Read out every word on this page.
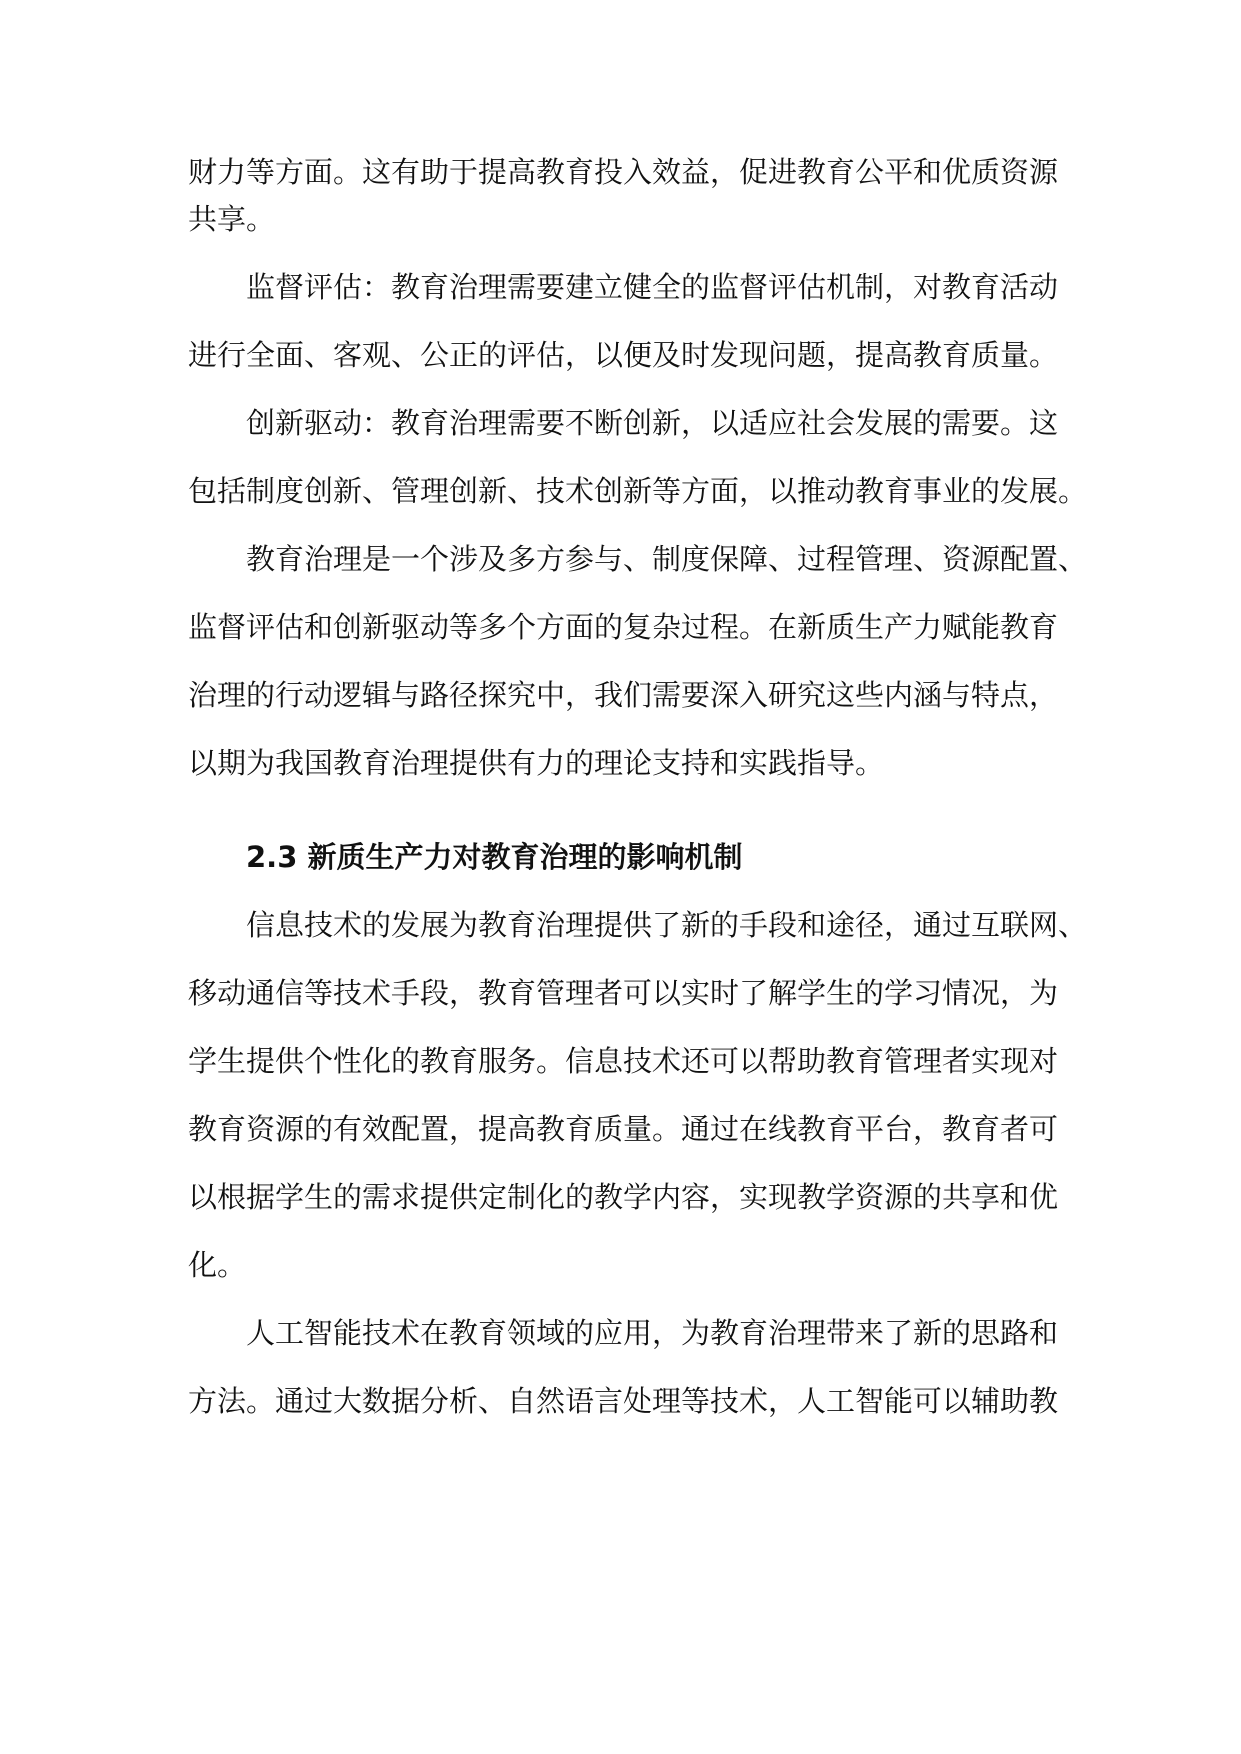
财力等方面。这有助于提高教育投入效益，促进教育公平和优质资源

共享。

监督评估：教育治理需要建立健全的监督评估机制，对教育活动

进行全面、客观、公正的评估，以便及时发现问题，提高教育质量。

创新驱动：教育治理需要不断创新，以适应社会发展的需要。这

包括制度创新、管理创新、技术创新等方面，以推动教育事业的发展。

教育治理是一个涉及多方参与、制度保障、过程管理、资源配置、

监督评估和创新驱动等多个方面的复杂过程。在新质生产力赋能教育

治理的行动逻辑与路径探究中，我们需要深入研究这些内涵与特点，

以期为我国教育治理提供有力的理论支持和实践指导。

2.3 新质生产力对教育治理的影响机制

信息技术的发展为教育治理提供了新的手段和途径，通过互联网、

移动通信等技术手段，教育管理者可以实时了解学生的学习情况，为

学生提供个性化的教育服务。信息技术还可以帮助教育管理者实现对

教育资源的有效配置，提高教育质量。通过在线教育平台，教育者可

以根据学生的需求提供定制化的教学内容，实现教学资源的共享和优

化。

人工智能技术在教育领域的应用，为教育治理带来了新的思路和

方法。通过大数据分析、自然语言处理等技术，人工智能可以辅助教
